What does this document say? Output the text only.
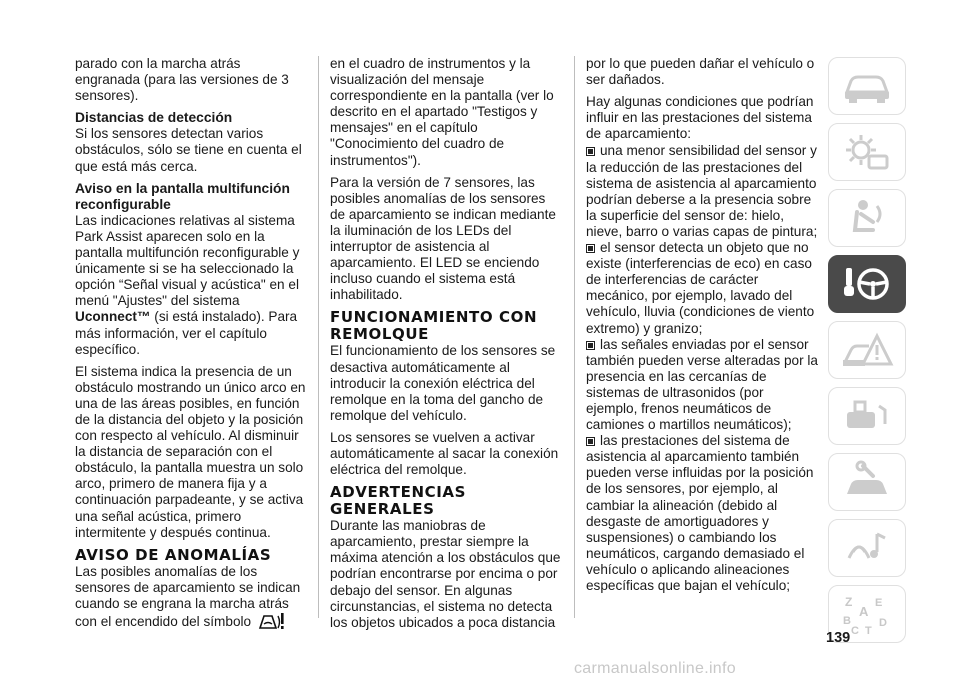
parado con la marcha atrás engranada (para las versiones de 3 sensores).

Distancias de detección

Si los sensores detectan varios obstáculos, sólo se tiene en cuenta el que está más cerca.

Aviso en la pantalla multifunción reconfigurable

Las indicaciones relativas al sistema Park Assist aparecen solo en la pantalla multifunción reconfigurable y únicamente si se ha seleccionado la opción “Señal visual y acústica" en el menú "Ajustes" del sistema Uconnect™ (si está instalado). Para más información, ver el capítulo específico.

El sistema indica la presencia de un obstáculo mostrando un único arco en una de las áreas posibles, en función de la distancia del objeto y la posición con respecto al vehículo. Al disminuir la distancia de separación con el obstáculo, la pantalla muestra un solo arco, primero de manera fija y a continuación parpadeante, y se activa una señal acústica, primero intermitente y después continua.

AVISO DE ANOMALÍAS

Las posibles anomalías de los sensores de aparcamiento se indican cuando se engrana la marcha atrás con el encendido del símbolo

en el cuadro de instrumentos y la visualización del mensaje correspondiente en la pantalla (ver lo descrito en el apartado "Testigos y mensajes" en el capítulo "Conocimiento del cuadro de instrumentos").

Para la versión de 7 sensores, las posibles anomalías de los sensores de aparcamiento se indican mediante la iluminación de los LEDs del interruptor de asistencia al aparcamiento. El LED se enciendo incluso cuando el sistema está inhabilitado.

FUNCIONAMIENTO CON REMOLQUE

El funcionamiento de los sensores se desactiva automáticamente al introducir la conexión eléctrica del remolque en la toma del gancho de remolque del vehículo.

Los sensores se vuelven a activar automáticamente al sacar la conexión eléctrica del remolque.

ADVERTENCIAS GENERALES

Durante las maniobras de aparcamiento, prestar siempre la máxima atención a los obstáculos que podrían encontrarse por encima o por debajo del sensor. En algunas circunstancias, el sistema no detecta los objetos ubicados a poca distancia

por lo que pueden dañar el vehículo o ser dañados.

Hay algunas condiciones que podrían influir en las prestaciones del sistema de aparcamiento:

una menor sensibilidad del sensor y la reducción de las prestaciones del sistema de asistencia al aparcamiento podrían deberse a la presencia sobre la superficie del sensor de: hielo, nieve, barro o varias capas de pintura;

el sensor detecta un objeto que no existe (interferencias de eco) en caso de interferencias de carácter mecánico, por ejemplo, lavado del vehículo, lluvia (condiciones de viento extremo) y granizo;

las señales enviadas por el sensor también pueden verse alteradas por la presencia en las cercanías de sistemas de ultrasonidos (por ejemplo, frenos neumáticos de camiones o martillos neumáticos);

las prestaciones del sistema de asistencia al aparcamiento también pueden verse influidas por la posición de los sensores, por ejemplo, al cambiar la alineación (debido al desgaste de amortiguadores y suspensiones) o cambiando los neumáticos, cargando demasiado el vehículo o aplicando alineaciones específicas que bajan el vehículo;

Z E
A
B	D
C T
139
carmanualsonline.info
